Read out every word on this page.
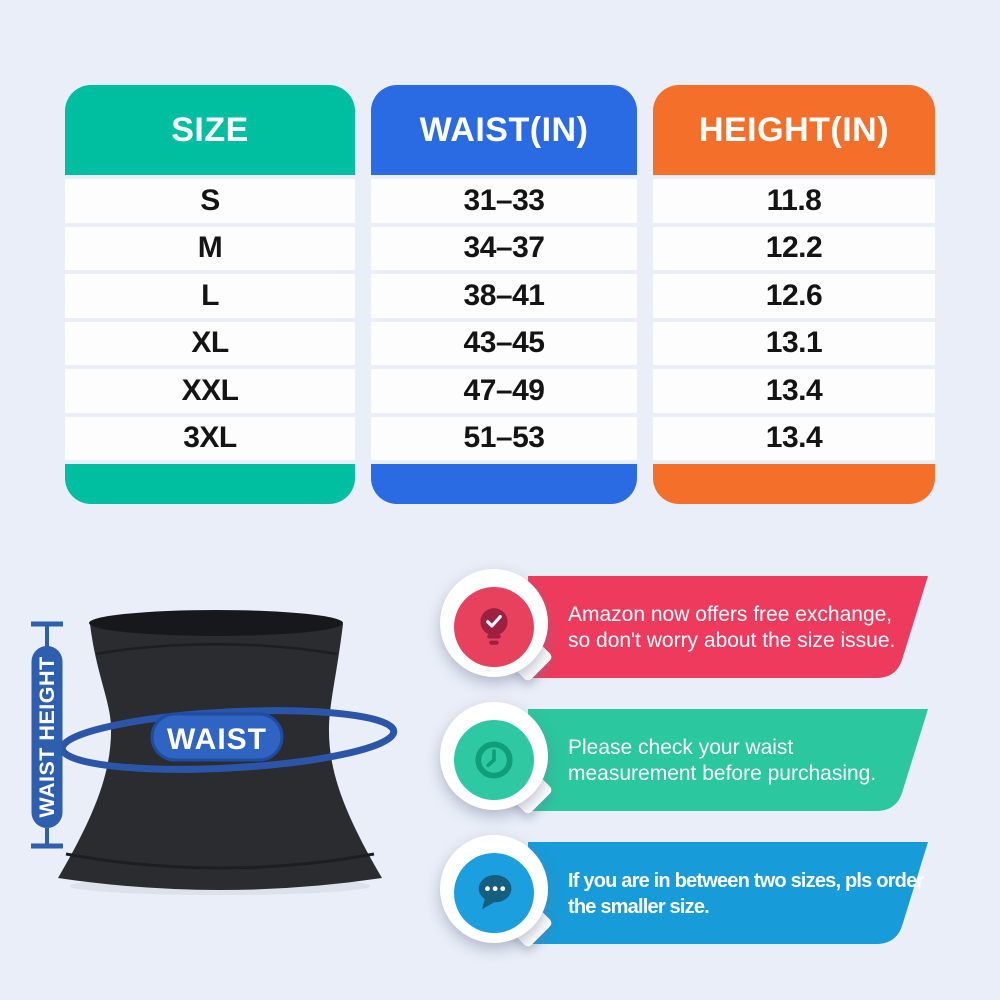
SIZE
S
M
L
XL
XXL
3XL
WAIST(IN)
31–33
34–37
38–41
43–45
47–49
51–53
HEIGHT(IN)
11.8
12.2
12.6
13.1
13.4
13.4
WAIST
WAIST HEIGHT
Amazon now offers free exchange, so don't worry about the size issue.
Please check your waist measurement before purchasing.
If you are in between two sizes, pls order the smaller size.
